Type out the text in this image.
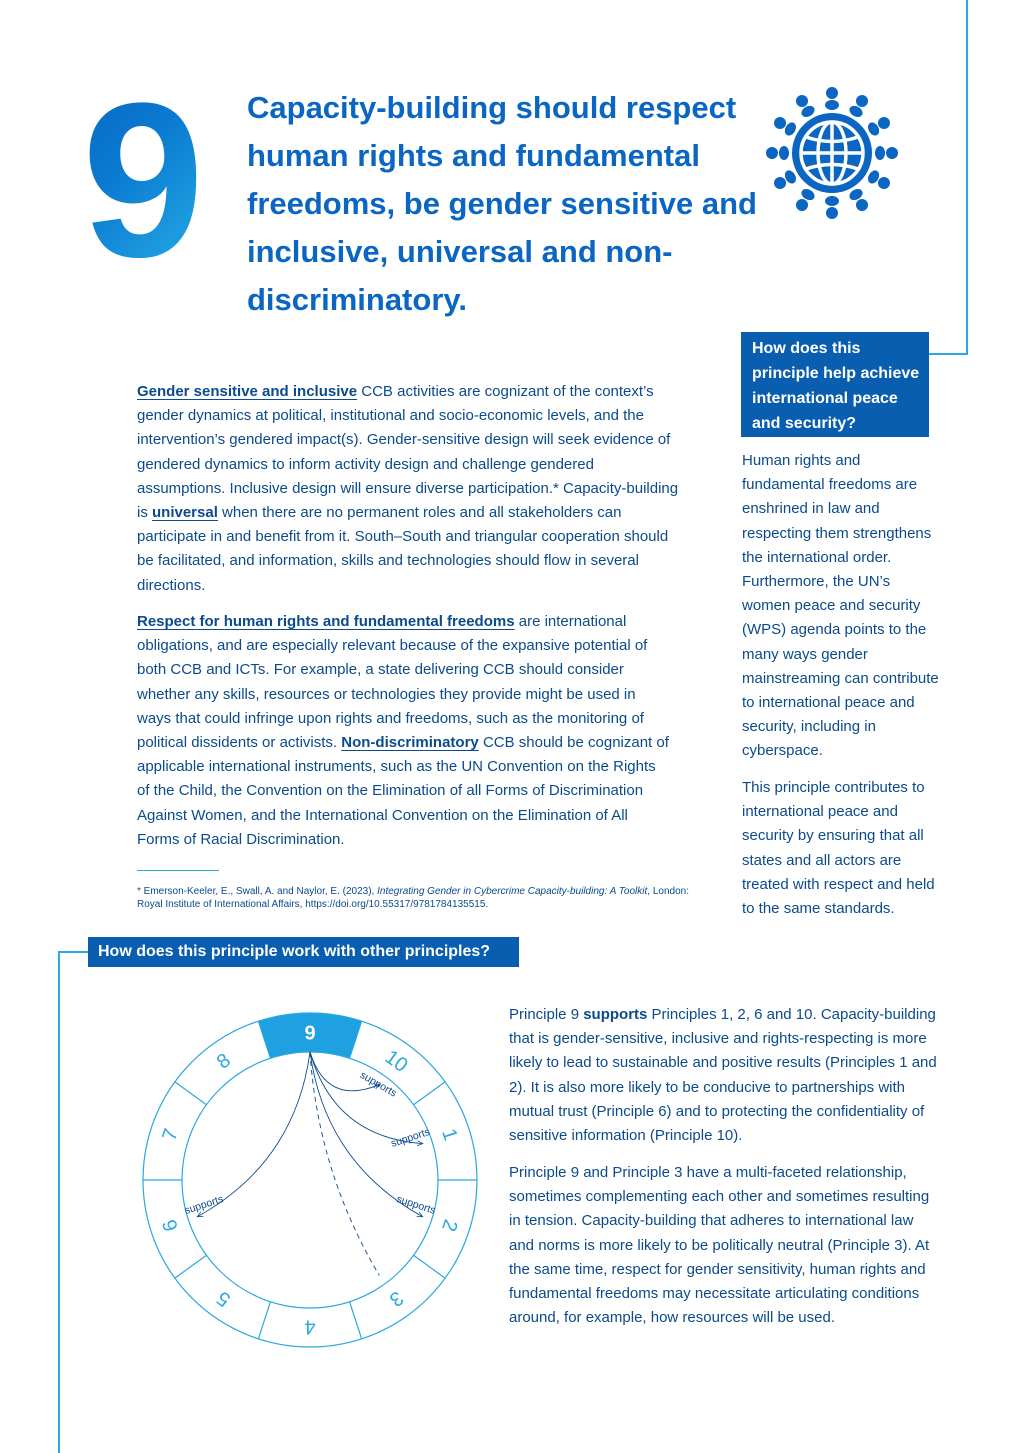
9 Capacity-building should respect human rights and fundamental freedoms, be gender sensitive and inclusive, universal and non-discriminatory.

Gender sensitive and inclusive CCB activities are cognizant of the context’s gender dynamics at political, institutional and socio-economic levels, and the intervention’s gendered impact(s). Gender-sensitive design will seek evidence of gendered dynamics to inform activity design and challenge gendered assumptions. Inclusive design will ensure diverse participation.* Capacity-building is universal when there are no permanent roles and all stakeholders can participate in and benefit from it. South–South and triangular cooperation should be facilitated, and information, skills and technologies should flow in several directions.

Respect for human rights and fundamental freedoms are international obligations, and are especially relevant because of the expansive potential of both CCB and ICTs. For example, a state delivering CCB should consider whether any skills, resources or technologies they provide might be used in ways that could infringe upon rights and freedoms, such as the monitoring of political dissidents or activists. Non-discriminatory CCB should be cognizant of applicable international instruments, such as the UN Convention on the Rights of the Child, the Convention on the Elimination of all Forms of Discrimination Against Women, and the International Convention on the Elimination of All Forms of Racial Discrimination.

* Emerson-Keeler, E., Swall, A. and Naylor, E. (2023), Integrating Gender in Cybercrime Capacity-building: A Toolkit, London: Royal Institute of International Affairs, https://doi.org/10.55317/9781784135515.
How does this principle help achieve international peace and security?

Human rights and fundamental freedoms are enshrined in law and respecting them strengthens the international order. Furthermore, the UN’s women peace and security (WPS) agenda points to the many ways gender mainstreaming can contribute to international peace and security, including in cyberspace.

This principle contributes to international peace and security by ensuring that all states and all actors are treated with respect and held to the same standards.

How does this principle work with other principles?
9
10
1
2
3
4
5
6
7
8
supports
supports
supports
supports

Principle 9 supports Principles 1, 2, 6 and 10. Capacity-building that is gender-sensitive, inclusive and rights-respecting is more likely to lead to sustainable and positive results (Principles 1 and 2). It is also more likely to be conducive to partnerships with mutual trust (Principle 6) and to protecting the confidentiality of sensitive information (Principle 10).

Principle 9 and Principle 3 have a multi-faceted relationship, sometimes complementing each other and sometimes resulting in tension. Capacity-building that adheres to international law and norms is more likely to be politically neutral (Principle 3). At the same time, respect for gender sensitivity, human rights and fundamental freedoms may necessitate articulating conditions around, for example, how resources will be used.
